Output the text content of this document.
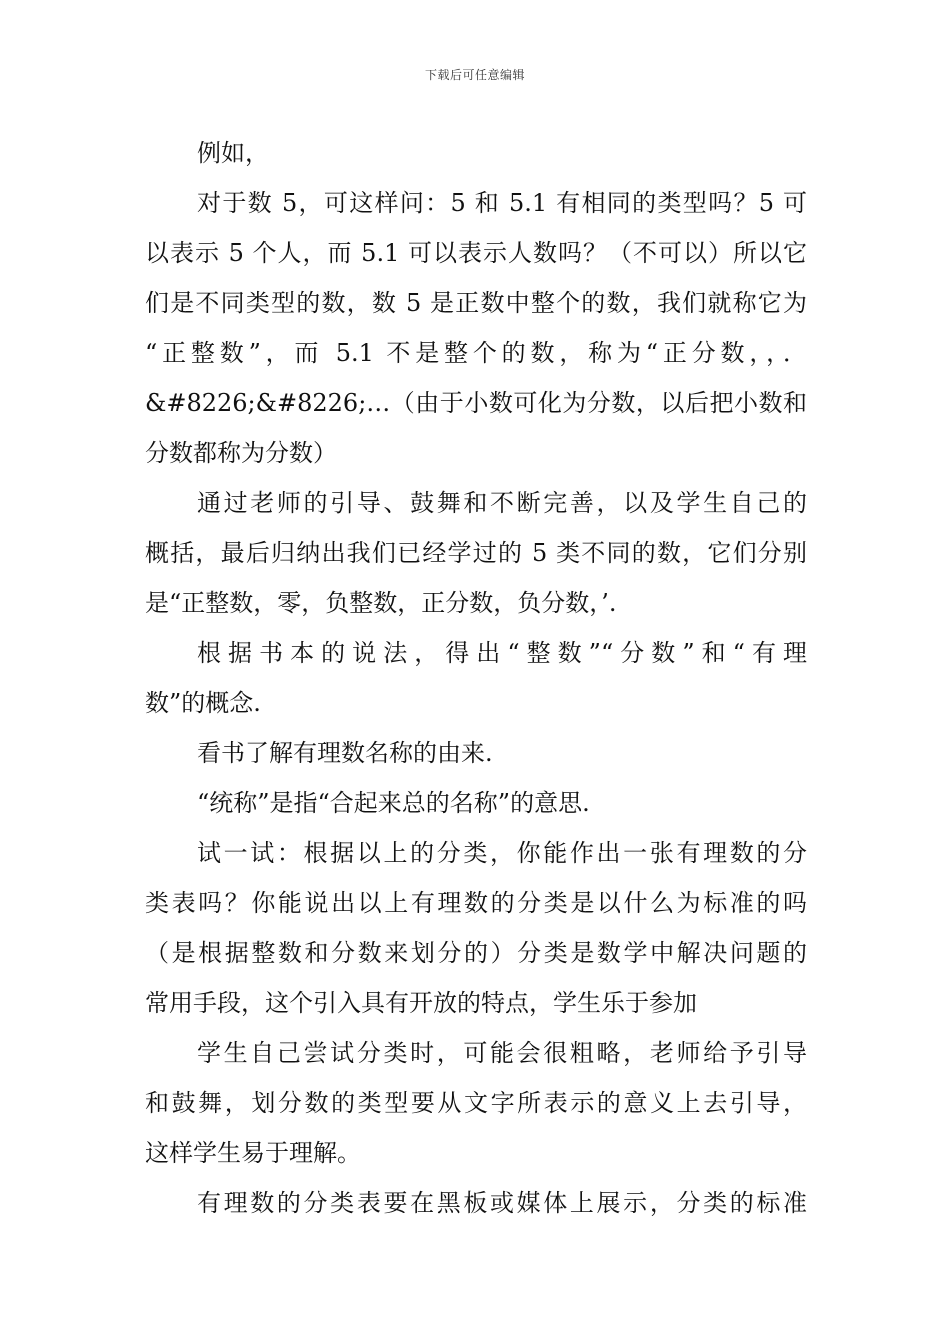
下载后可任意编辑
例如，
对于数 5，可这样问：5 和 5.1 有相同的类型吗？5 可
以表示 5 个人，而 5.1 可以表示人数吗？（不可以）所以它
们是不同类型的数，数 5 是正数中整个的数，我们就称它为
“正整数”，而 5.1 不是整个的数，称为“正分数，，．
&#8226;&#8226;…（由于小数可化为分数，以后把小数和
分数都称为分数）
通过老师的引导、鼓舞和不断完善，以及学生自己的
概括，最后归纳出我们已经学过的 5 类不同的数，它们分别
是“正整数，零，负整数，正分数，负分数，’.
根据书本的说法，得出“整数”“分数”和“有理
数”的概念.
看书了解有理数名称的由来.
“统称”是指“合起来总的名称”的意思.
试一试：根据以上的分类，你能作出一张有理数的分
类表吗？你能说出以上有理数的分类是以什么为标准的吗
（是根据整数和分数来划分的）分类是数学中解决问题的
常用手段，这个引入具有开放的特点，学生乐于参加
学生自己尝试分类时，可能会很粗略，老师给予引导
和鼓舞，划分数的类型要从文字所表示的意义上去引导，
这样学生易于理解。
有理数的分类表要在黑板或媒体上展示，分类的标准
